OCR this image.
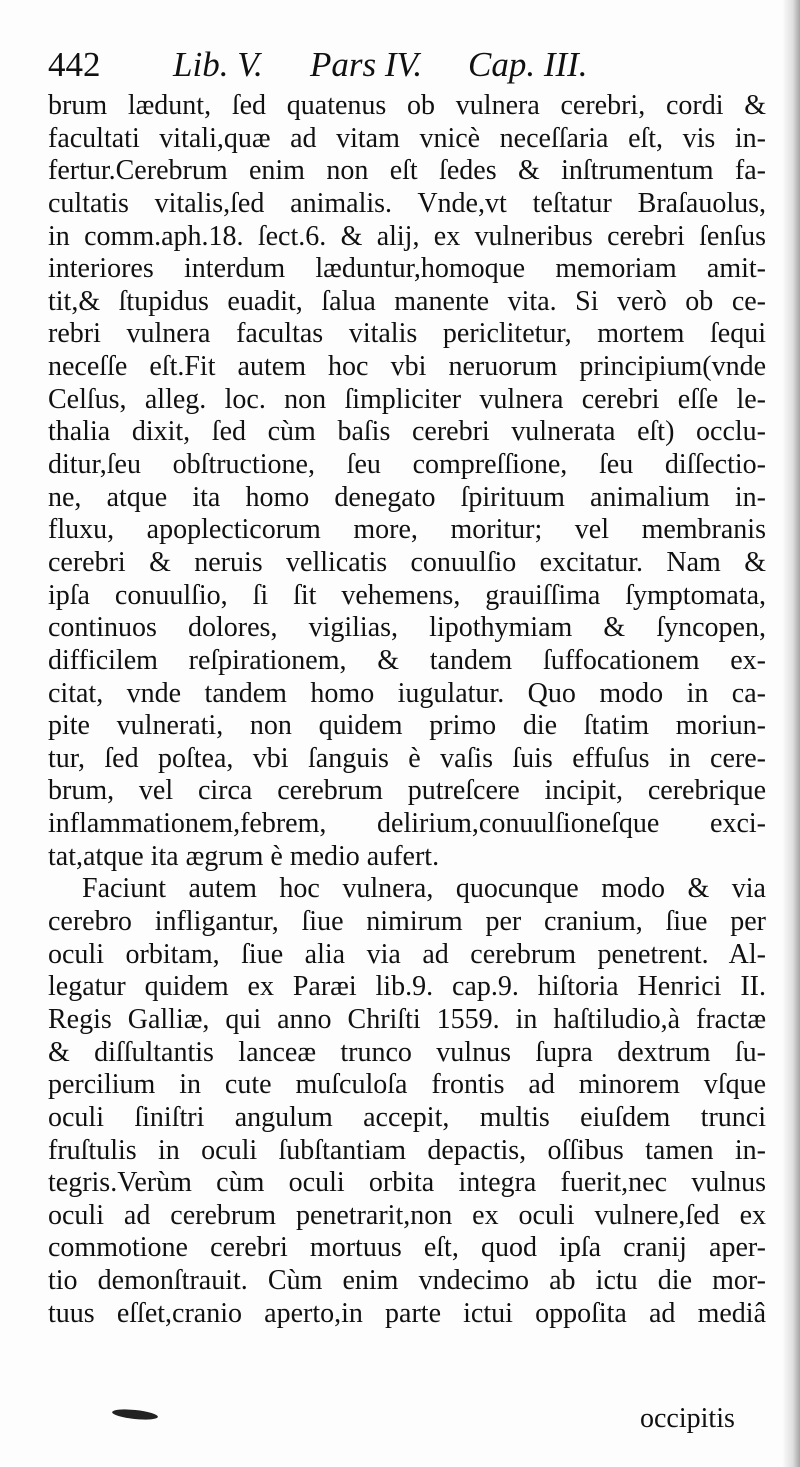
442 Lib. V. Pars IV. Cap. III.
brum lædunt, ſed quatenus ob vulnera cerebri, cordi &
facultati vitali,quæ ad vitam vnicè neceſſaria eſt, vis in-
fertur.Cerebrum enim non eſt ſedes & inſtrumentum fa-
cultatis vitalis,ſed animalis. Vnde,vt teſtatur Braſauolus,
in comm.aph.18. ſect.6. & alij, ex vulneribus cerebri ſenſus
interiores interdum læduntur,homoque memoriam amit-
tit,& ſtupidus euadit, ſalua manente vita. Si verò ob ce-
rebri vulnera facultas vitalis periclitetur, mortem ſequi
neceſſe eſt.Fit autem hoc vbi neruorum principium(vnde
Celſus, alleg. loc. non ſimpliciter vulnera cerebri eſſe le-
thalia dixit, ſed cùm baſis cerebri vulnerata eſt) occlu-
ditur,ſeu obſtructione, ſeu compreſſione, ſeu diſſectio-
ne, atque ita homo denegato ſpirituum animalium in-
fluxu, apoplecticorum more, moritur; vel membranis
cerebri & neruis vellicatis conuulſio excitatur. Nam &
ipſa conuulſio, ſi ſit vehemens, grauiſſima ſymptomata,
continuos dolores, vigilias, lipothymiam & ſyncopen,
difficilem reſpirationem, & tandem ſuffocationem ex-
citat, vnde tandem homo iugulatur. Quo modo in ca-
pite vulnerati, non quidem primo die ſtatim moriun-
tur, ſed poſtea, vbi ſanguis è vaſis ſuis effuſus in cere-
brum, vel circa cerebrum putreſcere incipit, cerebrique
inflammationem,febrem, delirium,conuulſioneſque exci-
tat,atque ita ægrum è medio aufert.
Faciunt autem hoc vulnera, quocunque modo & via
cerebro infligantur, ſiue nimirum per cranium, ſiue per
oculi orbitam, ſiue alia via ad cerebrum penetrent. Al-
legatur quidem ex Paræi lib.9. cap.9. hiſtoria Henrici II.
Regis Galliæ, qui anno Chriſti 1559. in haſtiludio,à fractæ
& diſſultantis lanceæ trunco vulnus ſupra dextrum ſu-
percilium in cute muſculoſa frontis ad minorem vſque
oculi ſiniſtri angulum accepit, multis eiuſdem trunci
fruſtulis in oculi ſubſtantiam depactis, oſſibus tamen in-
tegris.Verùm cùm oculi orbita integra fuerit,nec vulnus
oculi ad cerebrum penetrarit,non ex oculi vulnere,ſed ex
commotione cerebri mortuus eſt, quod ipſa cranij aper-
tio demonſtrauit. Cùm enim vndecimo ab ictu die mor-
tuus eſſet,cranio aperto,in parte ictui oppoſita ad mediâ
occipitis
